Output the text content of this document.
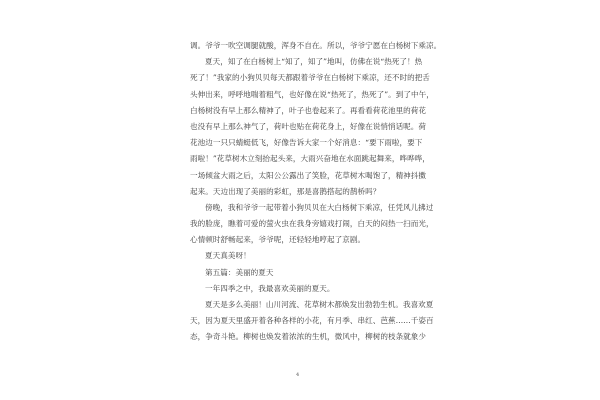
调。爷爷一吹空调腿就酸，浑身不自在。所以，爷爷宁愿在白杨树下乘凉。
夏天，知了在白杨树上“知了，知了”地叫，仿佛在说“热死了！热
死了！”我家的小狗贝贝每天都跟着爷爷在白杨树下乘凉，还不时的把舌
头伸出来，呼呼地喘着粗气，也好像在说“热死了，热死了”。到了中午，
白杨树没有早上那么精神了，叶子也卷起来了。再看看荷花池里的荷花
也没有早上那么神气了，荷叶也贴在荷花身上，好像在说悄悄话呢。荷
花池边一只只蜻蜓低飞，好像告诉大家一个好消息：“要下雨啦，要下
雨啦！”花草树木立刻抬起头来，大雨兴奋地在水面跳起舞来，哗哗哗，
一场倾盆大雨之后，太阳公公露出了笑脸，花草树木喝饱了，精神抖擞
起来。天边出现了美丽的彩虹，那是喜鹊搭起的鹊桥吗？
傍晚，我和爷爷一起带着小狗贝贝在大白杨树下乘凉，任凭风儿拂过
我的脸庞，瞧着可爱的萤火虫在我身旁嬉戏打闹，白天的闷热一扫而光，
心情顿时舒畅起来，爷爷呢，还轻轻地哼起了京剧。
夏天真美呀！
第五篇：美丽的夏天
一年四季之中，我最喜欢美丽的夏天。
夏天是多么美丽！山川河流、花草树木都焕发出勃勃生机。我喜欢夏
天，因为夏天里盛开着各种各样的小花，有月季、串红、芭蕉……千姿百
态，争奇斗艳。柳树也焕发着浓浓的生机，微风中，柳树的枝条就象少
4
